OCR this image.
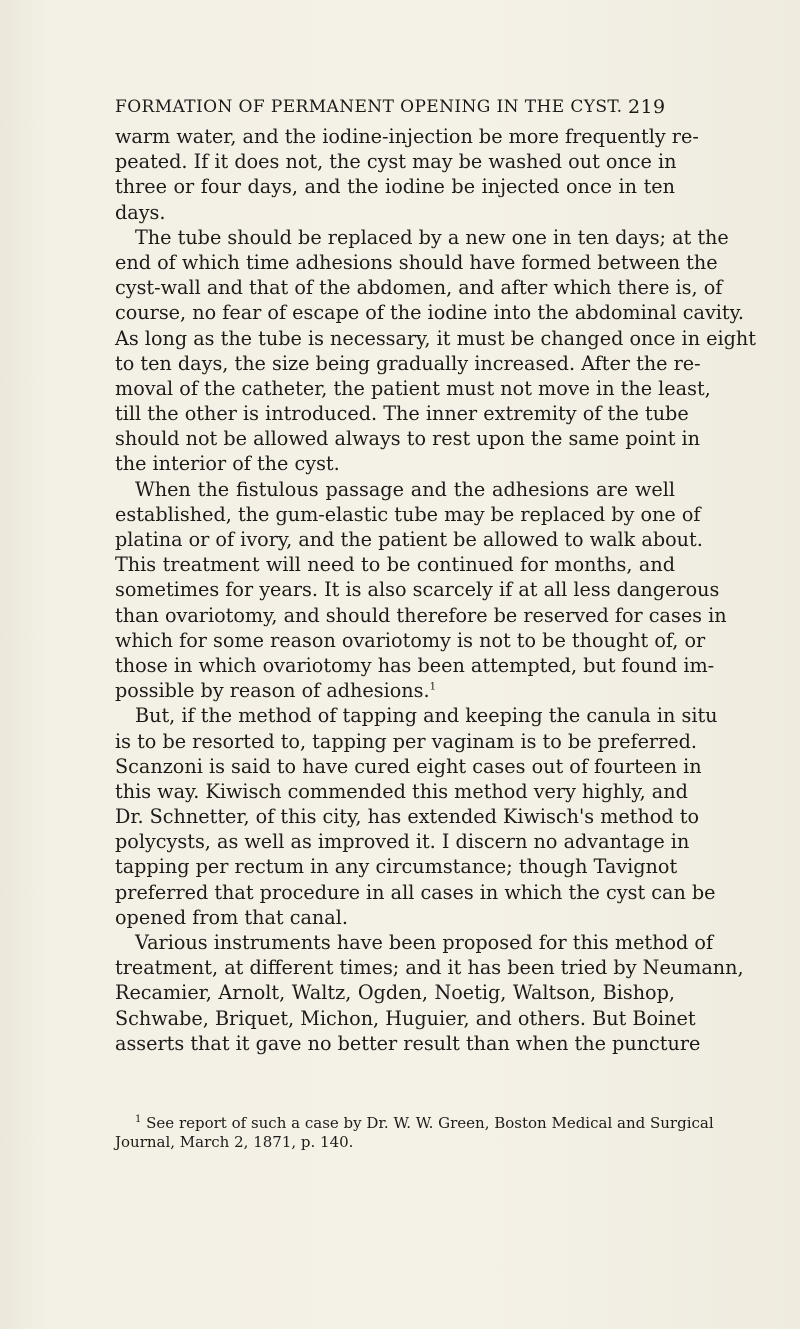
FORMATION OF PERMANENT OPENING IN THE CYST. 219
warm water, and the iodine-injection be more frequently re-
peated. If it does not, the cyst may be washed out once in
three or four days, and the iodine be injected once in ten
days.
The tube should be replaced by a new one in ten days; at the
end of which time adhesions should have formed between the
cyst-wall and that of the abdomen, and after which there is, of
course, no fear of escape of the iodine into the abdominal cavity.
As long as the tube is necessary, it must be changed once in eight
to ten days, the size being gradually increased. After the re-
moval of the catheter, the patient must not move in the least,
till the other is introduced. The inner extremity of the tube
should not be allowed always to rest upon the same point in
the interior of the cyst.
When the fistulous passage and the adhesions are well
established, the gum-elastic tube may be replaced by one of
platina or of ivory, and the patient be allowed to walk about.
This treatment will need to be continued for months, and
sometimes for years. It is also scarcely if at all less dangerous
than ovariotomy, and should therefore be reserved for cases in
which for some reason ovariotomy is not to be thought of, or
those in which ovariotomy has been attempted, but found im-
possible by reason of adhesions.$^1$
But, if the method of tapping and keeping the canula in situ
is to be resorted to, tapping per vaginam is to be preferred.
Scanzoni is said to have cured eight cases out of fourteen in
this way. Kiwisch commended this method very highly, and
Dr. Schnetter, of this city, has extended Kiwisch's method to
polycysts, as well as improved it. I discern no advantage in
tapping per rectum in any circumstance; though Tavignot
preferred that procedure in all cases in which the cyst can be
opened from that canal.
Various instruments have been proposed for this method of
treatment, at different times; and it has been tried by Neumann,
Recamier, Arnolt, Waltz, Ogden, Noetig, Waltson, Bishop,
Schwabe, Briquet, Michon, Huguier, and others. But Boinet
asserts that it gave no better result than when the puncture
$^1$ See report of such a case by Dr. W. W. Green, Boston Medical and Surgical
Journal, March 2, 1871, p. 140.
